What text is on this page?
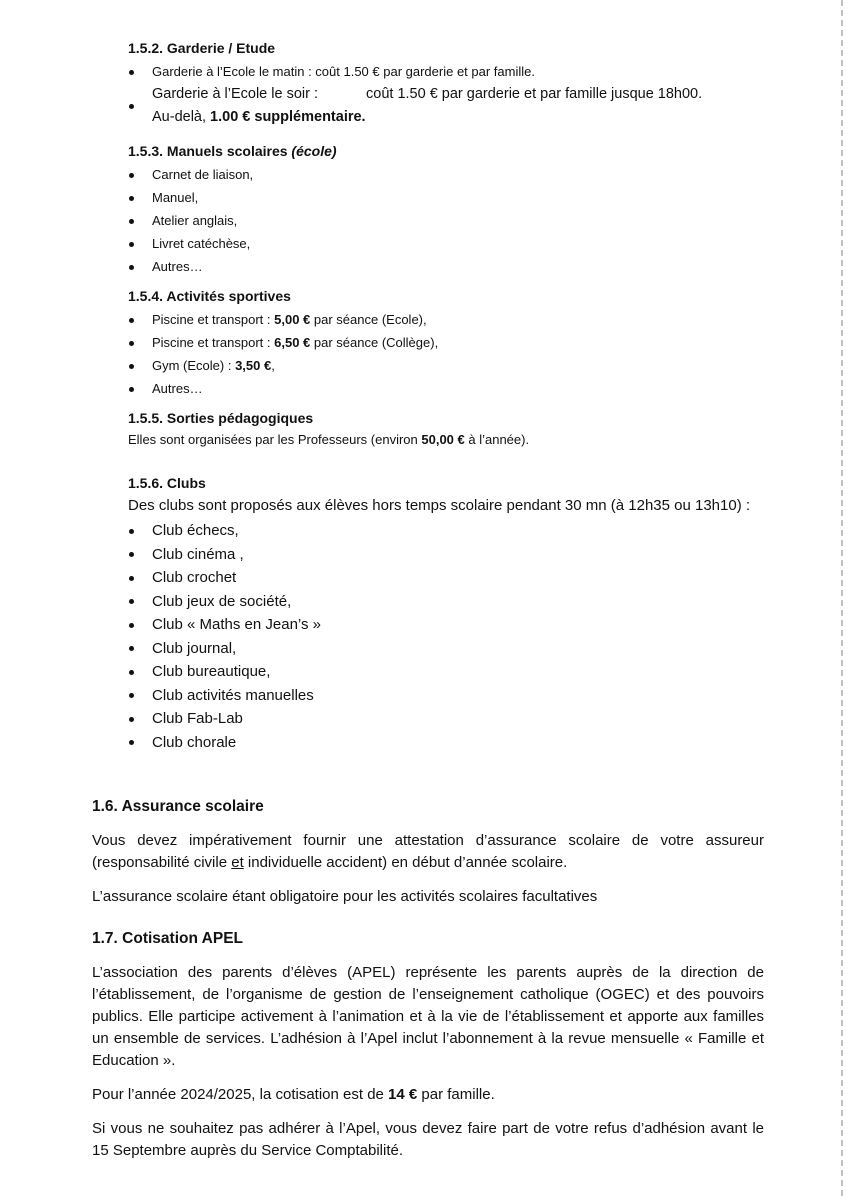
1.5.2. Garderie / Etude
Garderie à l’Ecole le matin : coût 1.50 € par garderie et par famille.
Garderie à l’Ecole le soir :	coût 1.50 € par garderie et par famille jusque 18h00.
Au-delà, 1.00 € supplémentaire.
1.5.3. Manuels scolaires (école)
Carnet de liaison,
Manuel,
Atelier anglais,
Livret catéchèse,
Autres…
1.5.4. Activités sportives
Piscine et transport : 5,00 € par séance (Ecole),
Piscine et transport : 6,50 € par séance (Collège),
Gym (Ecole) : 3,50 €,
Autres…
1.5.5. Sorties pédagogiques

Elles sont organisées par les Professeurs (environ 50,00 € à l’année).

1.5.6. Clubs

Des clubs sont proposés aux élèves hors temps scolaire pendant 30 mn (à 12h35 ou 13h10) :

Club échecs,
Club cinéma ,
Club crochet
Club jeux de société,
Club « Maths en Jean’s »
Club journal,
Club bureautique,
Club activités manuelles
Club Fab-Lab
Club chorale
1.6. Assurance scolaire

Vous devez impérativement fournir une attestation d’assurance scolaire de votre assureur (responsabilité civile et individuelle accident) en début d’année scolaire.

L’assurance scolaire étant obligatoire pour les activités scolaires facultatives

1.7. Cotisation APEL

L’association des parents d’élèves (APEL) représente les parents auprès de la direction de l’établissement, de l’organisme de gestion de l’enseignement catholique (OGEC) et des pouvoirs publics. Elle participe activement à l’animation et à la vie de l’établissement et apporte aux familles un ensemble de services. L’adhésion à l’Apel inclut l’abonnement à la revue mensuelle « Famille et Education ».

Pour l’année 2024/2025, la cotisation est de 14 € par famille.

Si vous ne souhaitez pas adhérer à l’Apel, vous devez faire part de votre refus d’adhésion avant le 15 Septembre auprès du Service Comptabilité.
